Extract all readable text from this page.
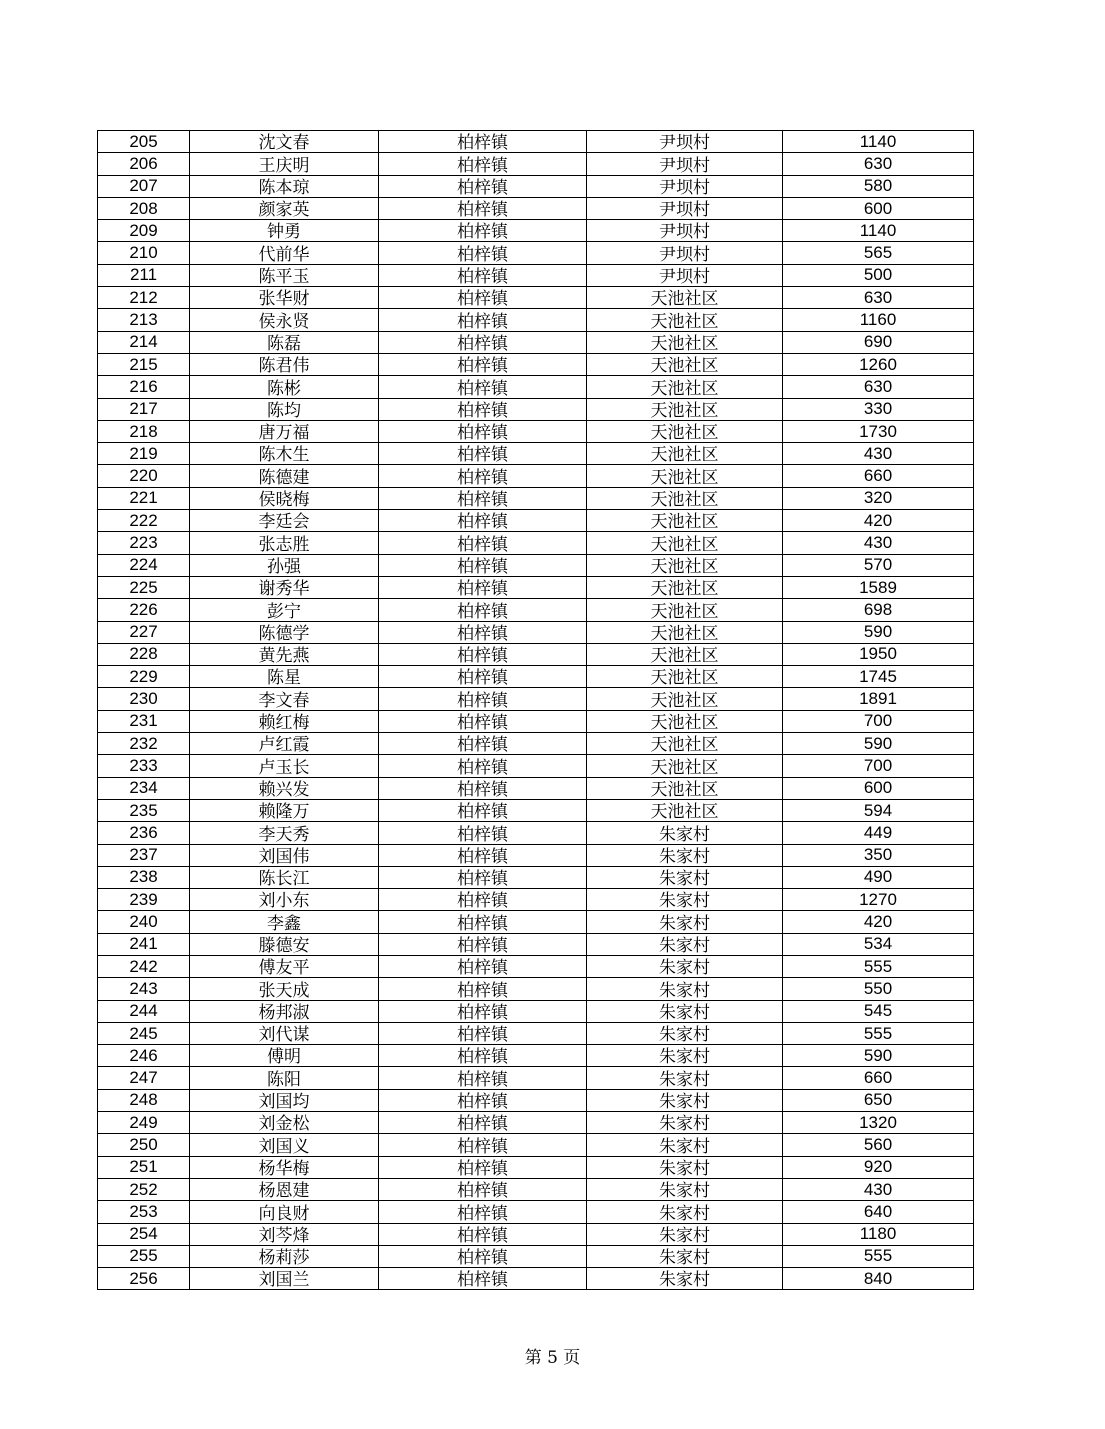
205	沈文春	柏梓镇	尹坝村	1140
206	王庆明	柏梓镇	尹坝村	630
207	陈本琼	柏梓镇	尹坝村	580
208	颜家英	柏梓镇	尹坝村	600
209	钟勇	柏梓镇	尹坝村	1140
210	代前华	柏梓镇	尹坝村	565
211	陈平玉	柏梓镇	尹坝村	500
212	张华财	柏梓镇	天池社区	630
213	侯永贤	柏梓镇	天池社区	1160
214	陈磊	柏梓镇	天池社区	690
215	陈君伟	柏梓镇	天池社区	1260
216	陈彬	柏梓镇	天池社区	630
217	陈均	柏梓镇	天池社区	330
218	唐万福	柏梓镇	天池社区	1730
219	陈木生	柏梓镇	天池社区	430
220	陈德建	柏梓镇	天池社区	660
221	侯晓梅	柏梓镇	天池社区	320
222	李廷会	柏梓镇	天池社区	420
223	张志胜	柏梓镇	天池社区	430
224	孙强	柏梓镇	天池社区	570
225	谢秀华	柏梓镇	天池社区	1589
226	彭宁	柏梓镇	天池社区	698
227	陈德学	柏梓镇	天池社区	590
228	黄先燕	柏梓镇	天池社区	1950
229	陈星	柏梓镇	天池社区	1745
230	李文春	柏梓镇	天池社区	1891
231	赖红梅	柏梓镇	天池社区	700
232	卢红霞	柏梓镇	天池社区	590
233	卢玉长	柏梓镇	天池社区	700
234	赖兴发	柏梓镇	天池社区	600
235	赖隆万	柏梓镇	天池社区	594
236	李天秀	柏梓镇	朱家村	449
237	刘国伟	柏梓镇	朱家村	350
238	陈长江	柏梓镇	朱家村	490
239	刘小东	柏梓镇	朱家村	1270
240	李鑫	柏梓镇	朱家村	420
241	滕德安	柏梓镇	朱家村	534
242	傅友平	柏梓镇	朱家村	555
243	张天成	柏梓镇	朱家村	550
244	杨邦淑	柏梓镇	朱家村	545
245	刘代谋	柏梓镇	朱家村	555
246	傅明	柏梓镇	朱家村	590
247	陈阳	柏梓镇	朱家村	660
248	刘国均	柏梓镇	朱家村	650
249	刘金松	柏梓镇	朱家村	1320
250	刘国义	柏梓镇	朱家村	560
251	杨华梅	柏梓镇	朱家村	920
252	杨恩建	柏梓镇	朱家村	430
253	向良财	柏梓镇	朱家村	640
254	刘芩烽	柏梓镇	朱家村	1180
255	杨莉莎	柏梓镇	朱家村	555
256	刘国兰	柏梓镇	朱家村	840
第 5 页
